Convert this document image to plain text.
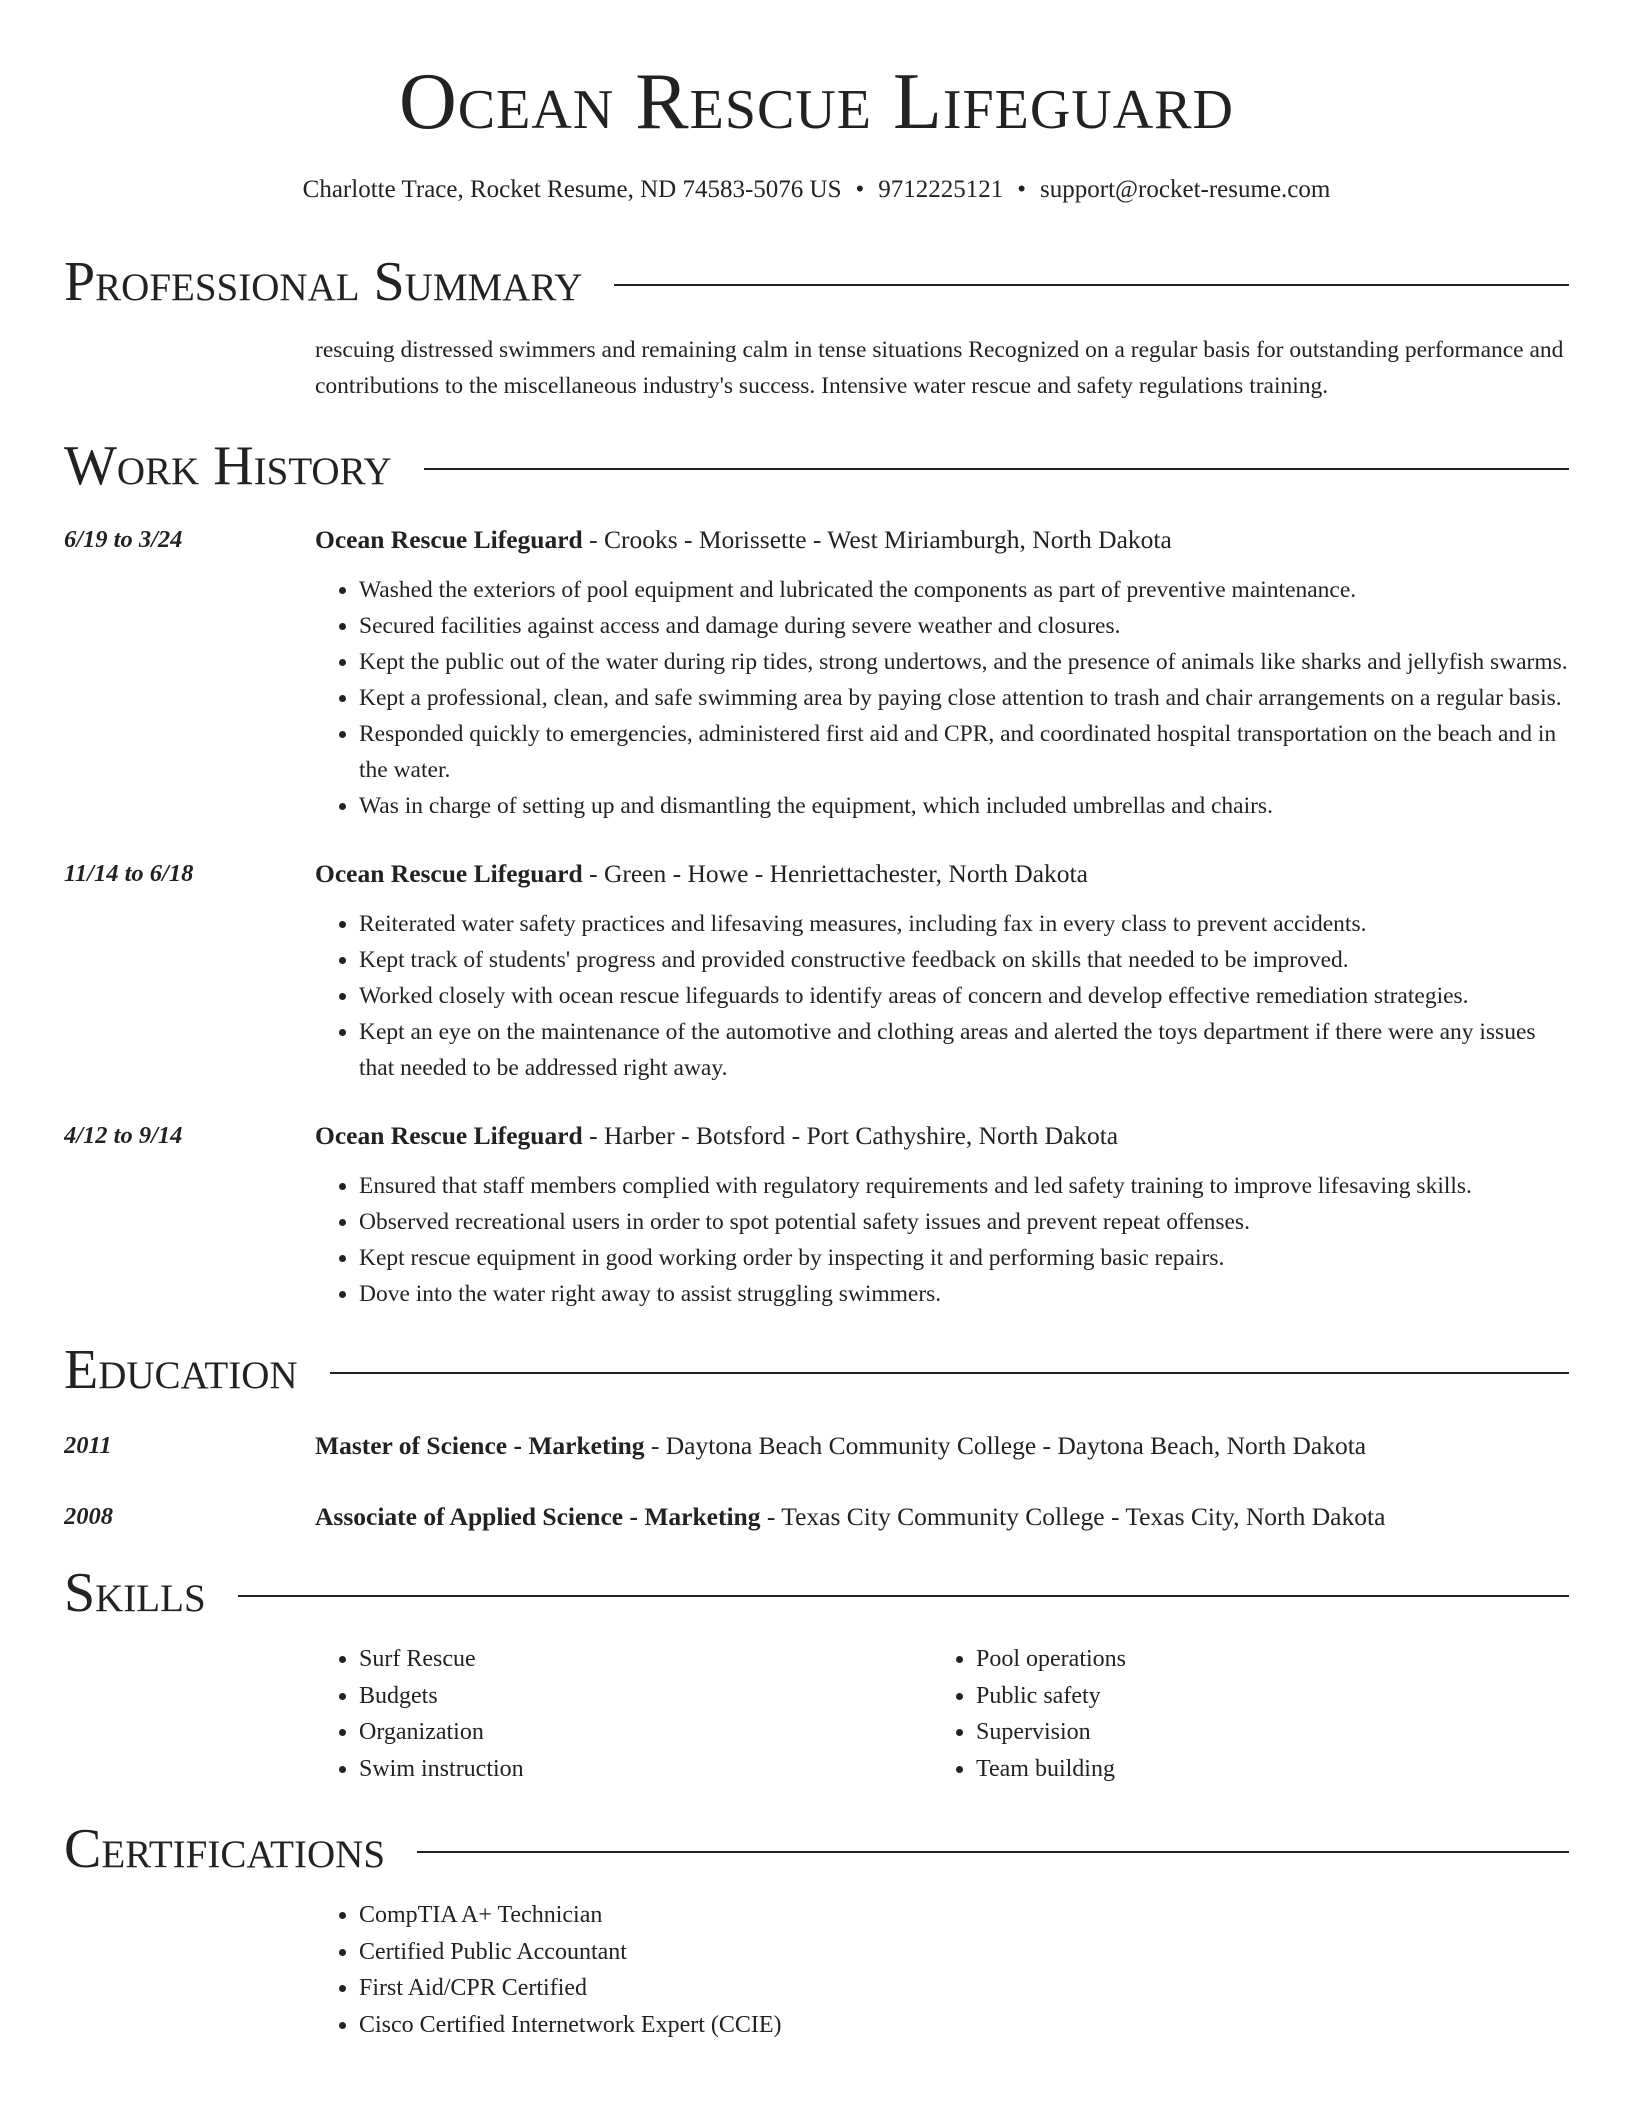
Ocean Rescue Lifeguard
Charlotte Trace, Rocket Resume, ND 74583-5076 US • 9712225121 • support@rocket-resume.com
Professional Summary
rescuing distressed swimmers and remaining calm in tense situations Recognized on a regular basis for outstanding performance and contributions to the miscellaneous industry's success. Intensive water rescue and safety regulations training.
Work History
6/19 to 3/24	Ocean Rescue Lifeguard - Crooks - Morissette - West Miriamburgh, North Dakota
• Washed the exteriors of pool equipment and lubricated the components as part of preventive maintenance.
• Secured facilities against access and damage during severe weather and closures.
• Kept the public out of the water during rip tides, strong undertows, and the presence of animals like sharks and jellyfish swarms.
• Kept a professional, clean, and safe swimming area by paying close attention to trash and chair arrangements on a regular basis.
• Responded quickly to emergencies, administered first aid and CPR, and coordinated hospital transportation on the beach and in the water.
• Was in charge of setting up and dismantling the equipment, which included umbrellas and chairs.
11/14 to 6/18	Ocean Rescue Lifeguard - Green - Howe - Henriettachester, North Dakota
• Reiterated water safety practices and lifesaving measures, including fax in every class to prevent accidents.
• Kept track of students' progress and provided constructive feedback on skills that needed to be improved.
• Worked closely with ocean rescue lifeguards to identify areas of concern and develop effective remediation strategies.
• Kept an eye on the maintenance of the automotive and clothing areas and alerted the toys department if there were any issues that needed to be addressed right away.
4/12 to 9/14	Ocean Rescue Lifeguard - Harber - Botsford - Port Cathyshire, North Dakota
• Ensured that staff members complied with regulatory requirements and led safety training to improve lifesaving skills.
• Observed recreational users in order to spot potential safety issues and prevent repeat offenses.
• Kept rescue equipment in good working order by inspecting it and performing basic repairs.
• Dove into the water right away to assist struggling swimmers.
Education
2011	Master of Science - Marketing - Daytona Beach Community College - Daytona Beach, North Dakota
2008	Associate of Applied Science - Marketing - Texas City Community College - Texas City, North Dakota
Skills
• Surf Rescue
• Budgets
• Organization
• Swim instruction
• Pool operations
• Public safety
• Supervision
• Team building
Certifications
• CompTIA A+ Technician
• Certified Public Accountant
• First Aid/CPR Certified
• Cisco Certified Internetwork Expert (CCIE)
